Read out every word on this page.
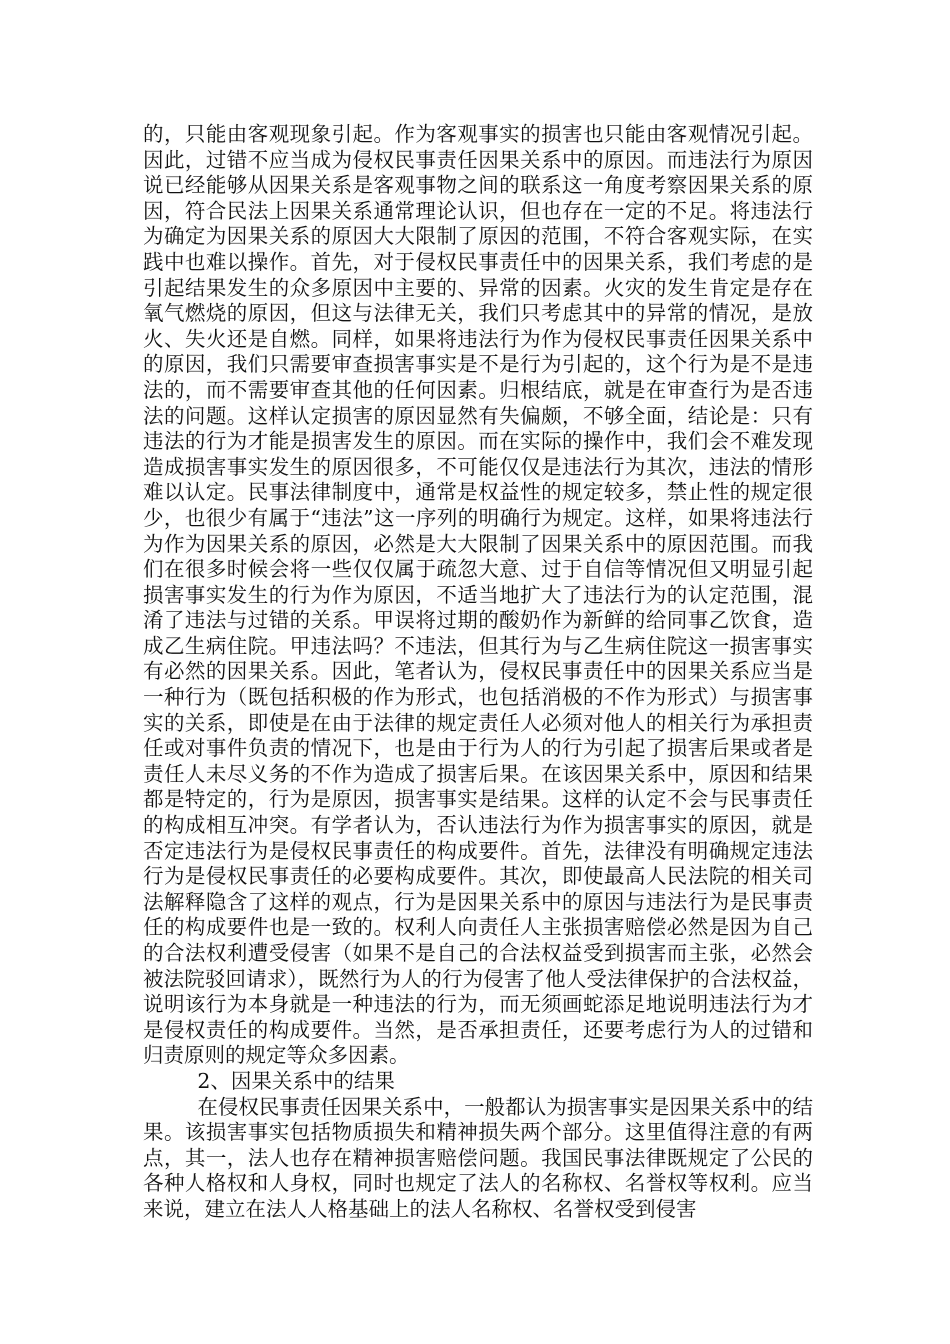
的，只能由客观现象引起。作为客观事实的损害也只能由客观情况引起。因此，过错不应当成为侵权民事责任因果关系中的原因。而违法行为原因说已经能够从因果关系是客观事物之间的联系这一角度考察因果关系的原因，符合民法上因果关系通常理论认识，但也存在一定的不足。将违法行为确定为因果关系的原因大大限制了原因的范围，不符合客观实际，在实践中也难以操作。首先，对于侵权民事责任中的因果关系，我们考虑的是引起结果发生的众多原因中主要的、异常的因素。火灾的发生肯定是存在氧气燃烧的原因，但这与法律无关，我们只考虑其中的异常的情况，是放火、失火还是自燃。同样，如果将违法行为作为侵权民事责任因果关系中的原因，我们只需要审查损害事实是不是行为引起的，这个行为是不是违法的，而不需要审查其他的任何因素。归根结底，就是在审查行为是否违法的问题。这样认定损害的原因显然有失偏颇，不够全面，结论是：只有违法的行为才能是损害发生的原因。而在实际的操作中，我们会不难发现造成损害事实发生的原因很多，不可能仅仅是违法行为其次，违法的情形难以认定。民事法律制度中，通常是权益性的规定较多，禁止性的规定很少，也很少有属于“违法”这一序列的明确行为规定。这样，如果将违法行为作为因果关系的原因，必然是大大限制了因果关系中的原因范围。而我们在很多时候会将一些仅仅属于疏忽大意、过于自信等情况但又明显引起损害事实发生的行为作为原因，不适当地扩大了违法行为的认定范围，混淆了违法与过错的关系。甲误将过期的酸奶作为新鲜的给同事乙饮食，造成乙生病住院。甲违法吗？不违法，但其行为与乙生病住院这一损害事实有必然的因果关系。因此，笔者认为，侵权民事责任中的因果关系应当是一种行为（既包括积极的作为形式，也包括消极的不作为形式）与损害事实的关系，即使是在由于法律的规定责任人必须对他人的相关行为承担责任或对事件负责的情况下，也是由于行为人的行为引起了损害后果或者是责任人未尽义务的不作为造成了损害后果。在该因果关系中，原因和结果都是特定的，行为是原因，损害事实是结果。这样的认定不会与民事责任的构成相互冲突。有学者认为，否认违法行为作为损害事实的原因，就是否定违法行为是侵权民事责任的构成要件。首先，法律没有明确规定违法行为是侵权民事责任的必要构成要件。其次，即使最高人民法院的相关司法解释隐含了这样的观点，行为是因果关系中的原因与违法行为是民事责任的构成要件也是一致的。权利人向责任人主张损害赔偿必然是因为自己的合法权利遭受侵害（如果不是自己的合法权益受到损害而主张，必然会被法院驳回请求），既然行为人的行为侵害了他人受法律保护的合法权益，说明该行为本身就是一种违法的行为，而无须画蛇添足地说明违法行为才是侵权责任的构成要件。当然，是否承担责任，还要考虑行为人的过错和归责原则的规定等众多因素。

2、因果关系中的结果

在侵权民事责任因果关系中，一般都认为损害事实是因果关系中的结果。该损害事实包括物质损失和精神损失两个部分。这里值得注意的有两点，其一，法人也存在精神损害赔偿问题。我国民事法律既规定了公民的各种人格权和人身权，同时也规定了法人的名称权、名誉权等权利。应当来说，建立在法人人格基础上的法人名称权、名誉权受到侵害
